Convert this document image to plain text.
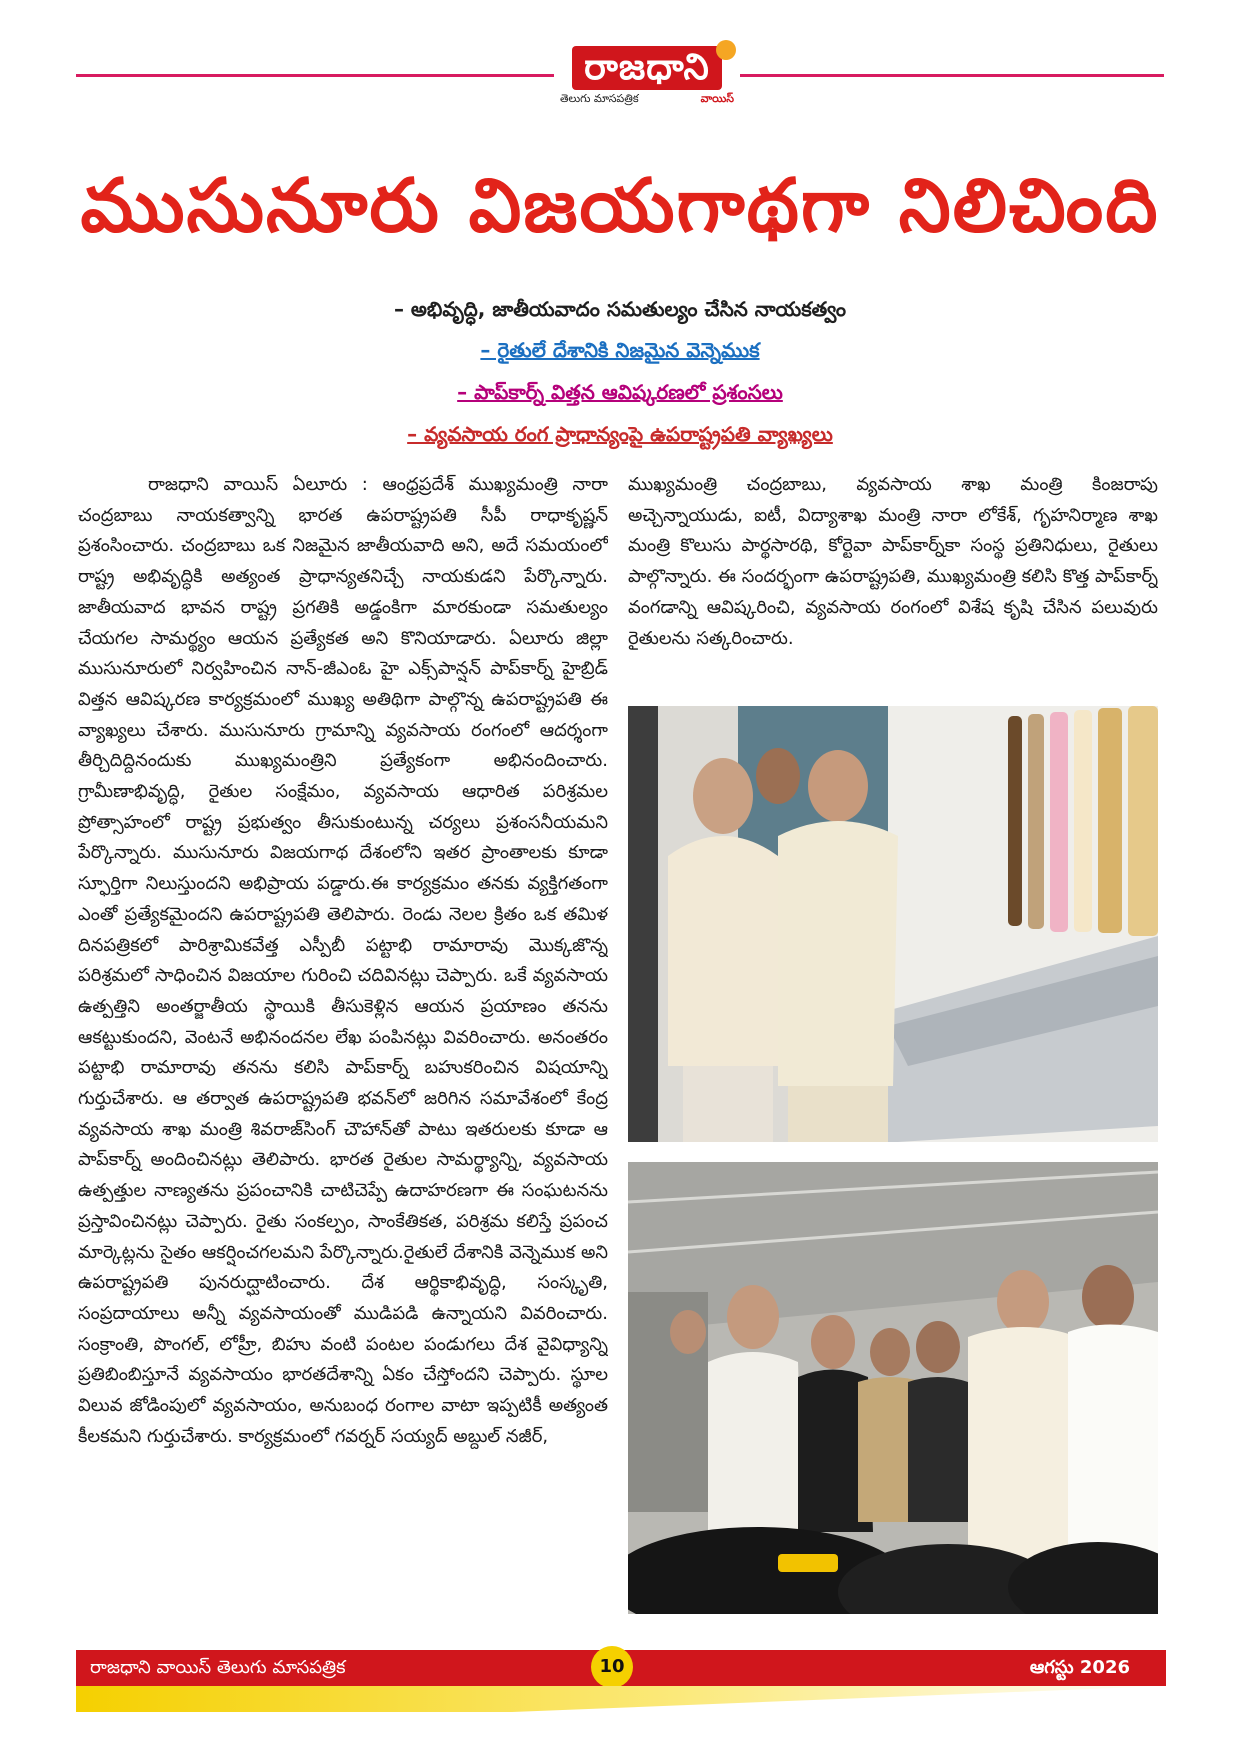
రాజధాని
తెలుగు మాసపత్రిక	వాయిస్
ముసునూరు విజయగాథగా నిలిచింది
– అభివృద్ధి, జాతీయవాదం సమతుల్యం చేసిన నాయకత్వం
– రైతులే దేశానికి నిజమైన వెన్నెముక
– పాప్‌కార్న్ విత్తన ఆవిష్కరణలో ప్రశంసలు
– వ్యవసాయ రంగ ప్రాధాన్యంపై ఉపరాష్ట్రపతి వ్యాఖ్యలు

రాజధాని వాయిస్ ఏలూరు : ఆంధ్రప్రదేశ్ ముఖ్యమంత్రి నారా చంద్రబాబు నాయకత్వాన్ని భారత ఉపరాష్ట్రపతి సీపీ రాధాకృష్ణన్ ప్రశంసించారు. చంద్రబాబు ఒక నిజమైన జాతీయవాది అని, అదే సమయంలో రాష్ట్ర అభివృద్ధికి అత్యంత ప్రాధాన్యతనిచ్చే నాయకుడని పేర్కొన్నారు. జాతీయవాద భావన రాష్ట్ర ప్రగతికి అడ్డంకిగా మారకుండా సమతుల్యం చేయగల సామర్థ్యం ఆయన ప్రత్యేకత అని కొనియాడారు. ఏలూరు జిల్లా ముసునూరులో నిర్వహించిన నాన్-జీఎంఓ హై ఎక్స్‌పాన్షన్ పాప్‌కార్న్ హైబ్రిడ్ విత్తన ఆవిష్కరణ కార్యక్రమంలో ముఖ్య అతిథిగా పాల్గొన్న ఉపరాష్ట్రపతి ఈ వ్యాఖ్యలు చేశారు. ముసునూరు గ్రామాన్ని వ్యవసాయ రంగంలో ఆదర్శంగా తీర్చిదిద్దినందుకు ముఖ్యమంత్రిని ప్రత్యేకంగా అభినందించారు. గ్రామీణాభివృద్ధి, రైతుల సంక్షేమం, వ్యవసాయ ఆధారిత పరిశ్రమల ప్రోత్సాహంలో రాష్ట్ర ప్రభుత్వం తీసుకుంటున్న చర్యలు ప్రశంసనీయమని పేర్కొన్నారు. ముసునూరు విజయగాథ దేశంలోని ఇతర ప్రాంతాలకు కూడా స్ఫూర్తిగా నిలుస్తుందని అభిప్రాయ పడ్డారు.ఈ కార్యక్రమం తనకు వ్యక్తిగతంగా ఎంతో ప్రత్యేకమైందని ఉపరాష్ట్రపతి తెలిపారు. రెండు నెలల క్రితం ఒక తమిళ దినపత్రికలో పారిశ్రామికవేత్త ఎస్పీబీ పట్టాభి రామారావు మొక్కజొన్న పరిశ్రమలో సాధించిన విజయాల గురించి చదివినట్లు చెప్పారు. ఒకే వ్యవసాయ ఉత్పత్తిని అంతర్జాతీయ స్థాయికి తీసుకెళ్లిన ఆయన ప్రయాణం తనను ఆకట్టుకుందని, వెంటనే అభినందనల లేఖ పంపినట్లు వివరించారు. అనంతరం పట్టాభి రామారావు తనను కలిసి పాప్‌కార్న్ బహుకరించిన విషయాన్ని గుర్తుచేశారు. ఆ తర్వాత ఉపరాష్ట్రపతి భవన్‌లో జరిగిన సమావేశంలో కేంద్ర వ్యవసాయ శాఖ మంత్రి శివరాజ్‌సింగ్ చౌహాన్‌తో పాటు ఇతరులకు కూడా ఆ పాప్‌కార్న్ అందించినట్లు తెలిపారు. భారత రైతుల సామర్థ్యాన్ని, వ్యవసాయ ఉత్పత్తుల నాణ్యతను ప్రపంచానికి చాటిచెప్పే ఉదాహరణగా ఈ సంఘటనను ప్రస్తావించినట్లు చెప్పారు. రైతు సంకల్పం, సాంకేతికత, పరిశ్రమ కలిస్తే ప్రపంచ మార్కెట్లను సైతం ఆకర్షించగలమని పేర్కొన్నారు.రైతులే దేశానికి వెన్నెముక అని ఉపరాష్ట్రపతి పునరుద్ఘాటించారు. దేశ ఆర్థికాభివృద్ధి, సంస్కృతి, సంప్రదాయాలు అన్నీ వ్యవసాయంతో ముడిపడి ఉన్నాయని వివరించారు. సంక్రాంతి, పొంగల్, లోహ్రీ, బిహు వంటి పంటల పండుగలు దేశ వైవిధ్యాన్ని ప్రతిబింబిస్తూనే వ్యవసాయం భారతదేశాన్ని ఏకం చేస్తోందని చెప్పారు. స్థూల విలువ జోడింపులో వ్యవసాయం, అనుబంధ రంగాల వాటా ఇప్పటికీ అత్యంత కీలకమని గుర్తుచేశారు. కార్యక్రమంలో గవర్నర్ సయ్యద్ అబ్దుల్ నజీర్,

ముఖ్యమంత్రి చంద్రబాబు, వ్యవసాయ శాఖ మంత్రి కింజరాపు అచ్చెన్నాయుడు, ఐటీ, విద్యాశాఖ మంత్రి నారా లోకేశ్, గృహనిర్మాణ శాఖ మంత్రి కొలుసు పార్థసారథి, కోర్టెవా పాప్‌కార్న్‌కా సంస్థ ప్రతినిధులు, రైతులు పాల్గొన్నారు. ఈ సందర్భంగా ఉపరాష్ట్రపతి, ముఖ్యమంత్రి కలిసి కొత్త పాప్‌కార్న్ వంగడాన్ని ఆవిష్కరించి, వ్యవసాయ రంగంలో విశేష కృషి చేసిన పలువురు రైతులను సత్కరించారు.

రాజధాని వాయిస్ తెలుగు మాసపత్రిక	10	ఆగస్టు 2026
